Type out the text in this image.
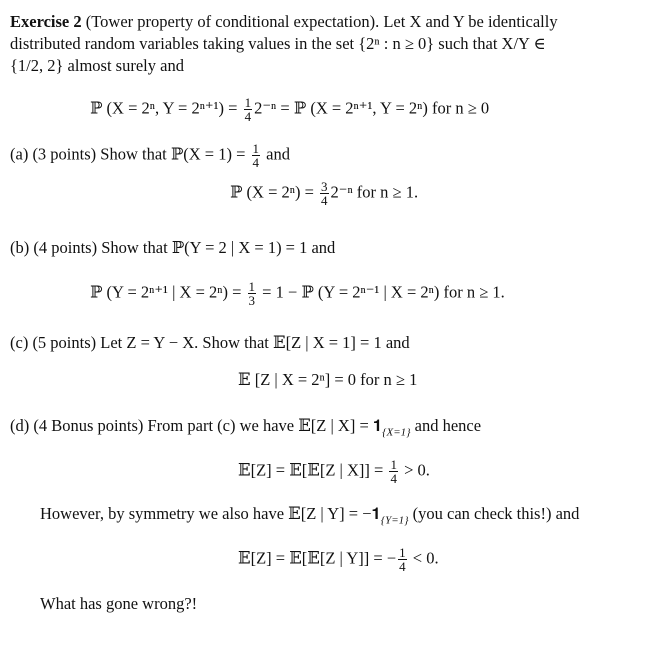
Exercise 2 (Tower property of conditional expectation). Let X and Y be identically
distributed random variables taking values in the set {2ⁿ : n ≥ 0} such that X/Y ∈
{1/2, 2} almost surely and
ℙ (X = 2ⁿ, $Y = 2^{n+1}) = \frac{1}{4} 2^{-n}$ = ℙ (X = 2ⁿ⁺¹, Y = 2ⁿ) for n ≥ 0
(a) (3 points) Show that ℙ(X = $1) = \frac{1}{4}$ and
ℙ $(X = 2^n) = \frac{3}{4} 2^{-n}$ for n ≥ 1.
(b) (4 points) Show that ℙ(Y = 2 | X = 1) = 1 and
ℙ (Y = 2ⁿ⁺¹ | $X = 2^n) = \frac{1}{3} = 1$ − ℙ (Y = 2ⁿ⁻¹ | X = 2ⁿ) for n ≥ 1.
(c) (5 points) Let Z = Y − X. Show that 𝔼[Z | X = 1] = 1 and
𝔼 [Z | X = 2ⁿ] = 0 for n ≥ 1
(d) (4 Bonus points) From part (c) we have 𝔼[Z | $X] = 𝟏_{\{X=1\}}$ and hence
𝔼[Z] = 𝔼[𝔼[Z | $X]] = \frac{1}{4} > 0$.
However, by symmetry we also have 𝔼[Z | $Y] = -𝟏_{\{Y=1\}}$ (you can check this!) and
𝔼[Z] = 𝔼[𝔼[Z | Y]] = − $\frac{1}{4} < 0$.
What has gone wrong?!
